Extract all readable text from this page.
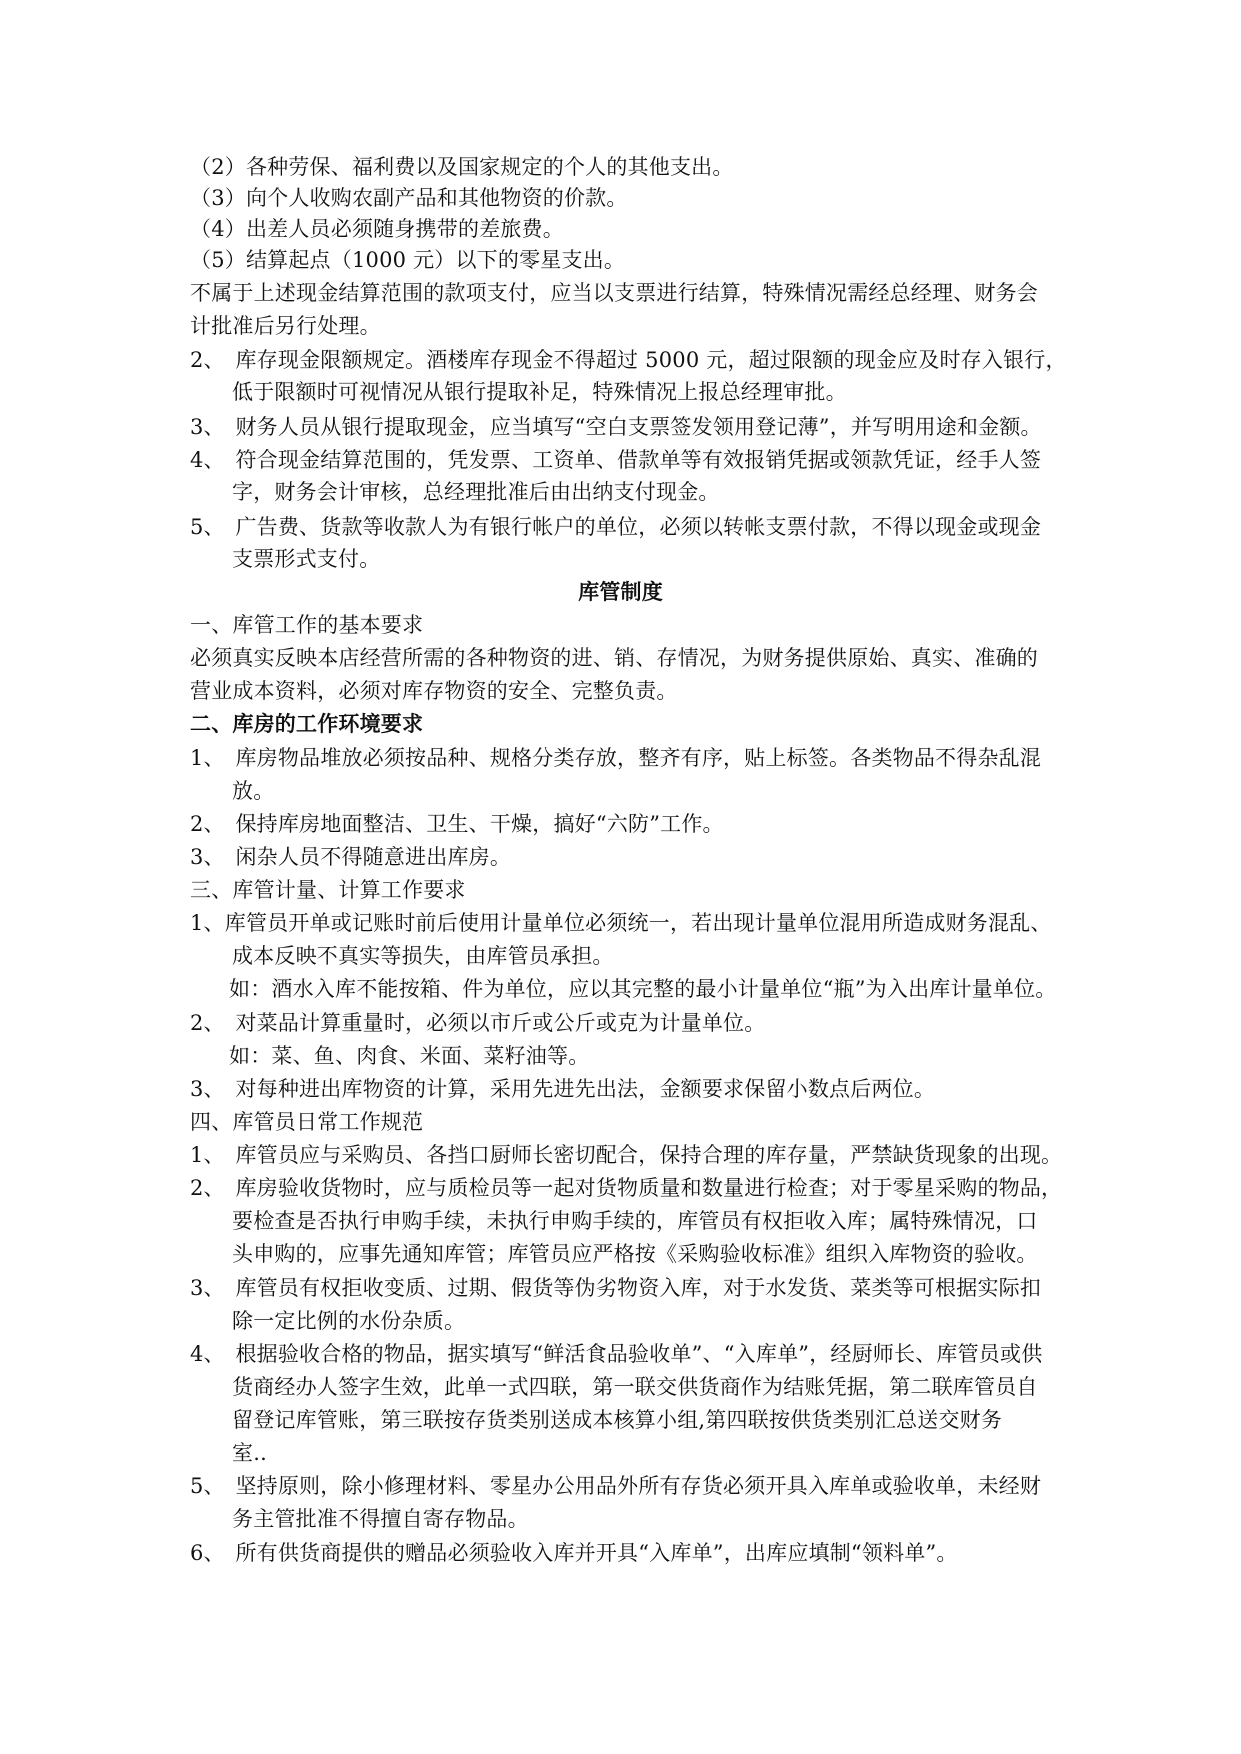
（2）各种劳保、福利费以及国家规定的个人的其他支出。
（3）向个人收购农副产品和其他物资的价款。
（4）出差人员必须随身携带的差旅费。
（5）结算起点（1000 元）以下的零星支出。
不属于上述现金结算范围的款项支付，应当以支票进行结算，特殊情况需经总经理、财务会
计批准后另行处理。
2、　库存现金限额规定。酒楼库存现金不得超过 5000 元，超过限额的现金应及时存入银行，
低于限额时可视情况从银行提取补足，特殊情况上报总经理审批。
3、　财务人员从银行提取现金，应当填写“空白支票签发领用登记薄”，并写明用途和金额。
4、　符合现金结算范围的，凭发票、工资单、借款单等有效报销凭据或领款凭证，经手人签
字，财务会计审核，总经理批准后由出纳支付现金。
5、　广告费、货款等收款人为有银行帐户的单位，必须以转帐支票付款，不得以现金或现金
支票形式支付。
库管制度
一、库管工作的基本要求
必须真实反映本店经营所需的各种物资的进、销、存情况，为财务提供原始、真实、准确的
营业成本资料，必须对库存物资的安全、完整负责。
二、库房的工作环境要求
1、　库房物品堆放必须按品种、规格分类存放，整齐有序，贴上标签。各类物品不得杂乱混
放。
2、　保持库房地面整洁、卫生、干燥，搞好“六防”工作。
3、　闲杂人员不得随意进出库房。
三、库管计量、计算工作要求
1、库管员开单或记账时前后使用计量单位必须统一，若出现计量单位混用所造成财务混乱、
成本反映不真实等损失，由库管员承担。
如：酒水入库不能按箱、件为单位，应以其完整的最小计量单位“瓶”为入出库计量单位。
2、　对菜品计算重量时，必须以市斤或公斤或克为计量单位。
如：菜、鱼、肉食、米面、菜籽油等。
3、　对每种进出库物资的计算，采用先进先出法，金额要求保留小数点后两位。
四、库管员日常工作规范
1、　库管员应与采购员、各挡口厨师长密切配合，保持合理的库存量，严禁缺货现象的出现。
2、　库房验收货物时，应与质检员等一起对货物质量和数量进行检查；对于零星采购的物品，
要检查是否执行申购手续，未执行申购手续的，库管员有权拒收入库；属特殊情况，口
头申购的，应事先通知库管；库管员应严格按《采购验收标准》组织入库物资的验收。
3、　库管员有权拒收变质、过期、假货等伪劣物资入库，对于水发货、菜类等可根据实际扣
除一定比例的水份杂质。
4、　根据验收合格的物品，据实填写“鲜活食品验收单”、“入库单”，经厨师长、库管员或供
货商经办人签字生效，此单一式四联，第一联交供货商作为结账凭据，第二联库管员自
留登记库管账，第三联按存货类别送成本核算小组,第四联按供货类别汇总送交财务
室..
5、　坚持原则，除小修理材料、零星办公用品外所有存货必须开具入库单或验收单，未经财
务主管批准不得擅自寄存物品。
6、　所有供货商提供的赠品必须验收入库并开具“入库单”，出库应填制“领料单”。
